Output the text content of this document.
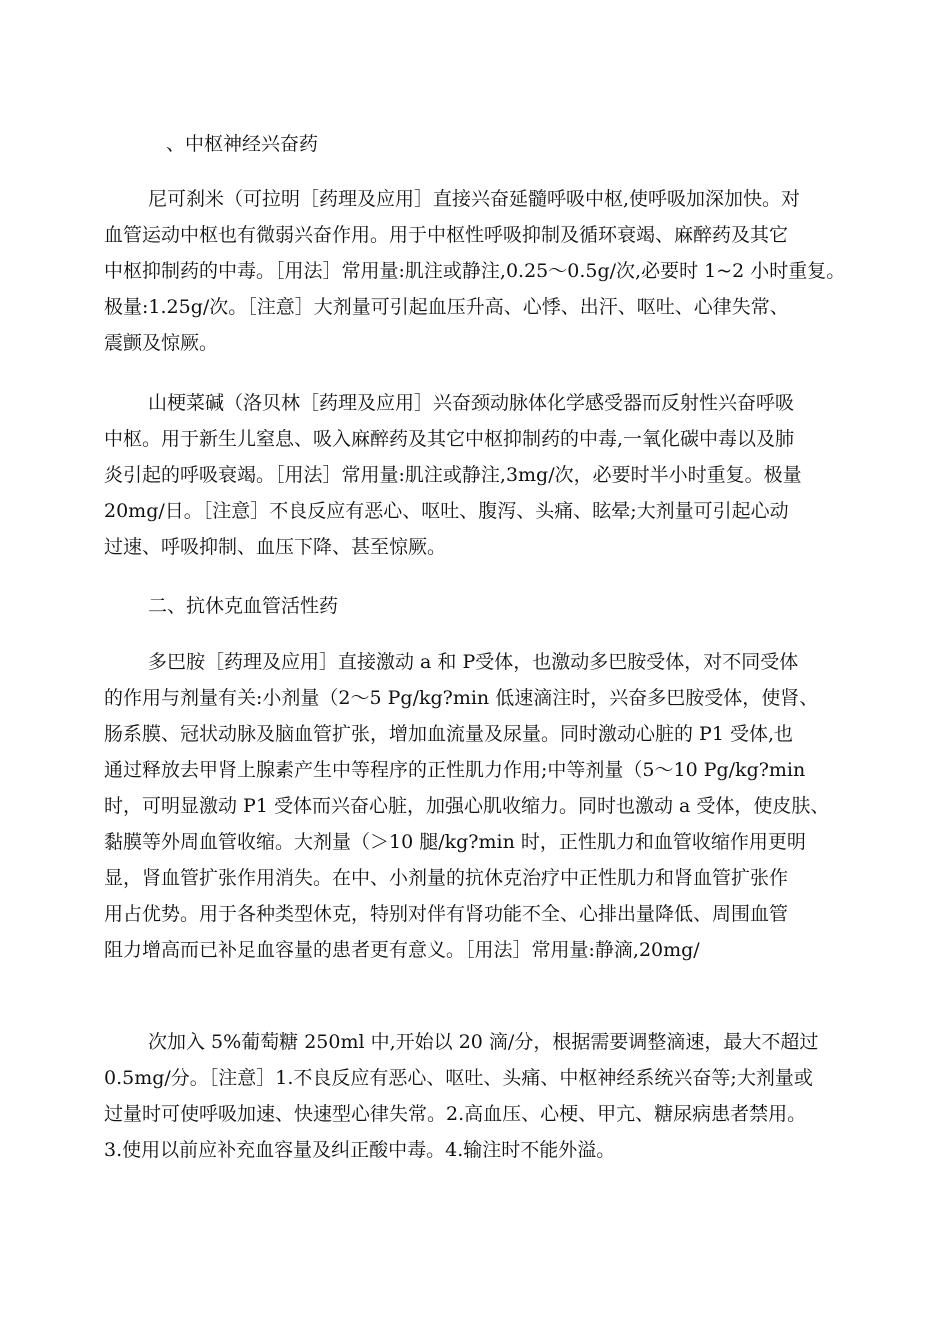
、中枢神经兴奋药
尼可刹米（可拉明［药理及应用］直接兴奋延髓呼吸中枢,使呼吸加深加快。对
血管运动中枢也有微弱兴奋作用。用于中枢性呼吸抑制及循环衰竭、麻醉药及其它
中枢抑制药的中毒。［用法］常用量:肌注或静注,0.25〜0.5g/次,必要时 1~2 小时重复。
极量:1.25g/次。［注意］大剂量可引起血压升高、心悸、出汗、呕吐、心律失常、
震颤及惊厥。
山梗菜碱（洛贝林［药理及应用］兴奋颈动脉体化学感受器而反射性兴奋呼吸
中枢。用于新生儿窒息、吸入麻醉药及其它中枢抑制药的中毒,一氧化碳中毒以及肺
炎引起的呼吸衰竭。［用法］常用量:肌注或静注,3mg/次，必要时半小时重复。极量
20mg/日。［注意］不良反应有恶心、呕吐、腹泻、头痛、眩晕;大剂量可引起心动
过速、呼吸抑制、血压下降、甚至惊厥。
二、抗休克血管活性药
多巴胺［药理及应用］直接激动 a 和 P受体，也激动多巴胺受体，对不同受体
的作用与剂量有关:小剂量（2〜5 Pg/kg?min 低速滴注时，兴奋多巴胺受体，使肾、
肠系膜、冠状动脉及脑血管扩张，增加血流量及尿量。同时激动心脏的 P1 受体,也
通过释放去甲肾上腺素产生中等程序的正性肌力作用;中等剂量（5〜10 Pg/kg?min
时，可明显激动 P1 受体而兴奋心脏，加强心肌收缩力。同时也激动 a 受体，使皮肤、
黏膜等外周血管收缩。大剂量（＞10 腿/kg?min 时，正性肌力和血管收缩作用更明
显，肾血管扩张作用消失。在中、小剂量的抗休克治疗中正性肌力和肾血管扩张作
用占优势。用于各种类型休克，特别对伴有肾功能不全、心排出量降低、周围血管
阻力增高而已补足血容量的患者更有意义。［用法］常用量:静滴,20mg/
次加入 5%葡萄糖 250ml 中,开始以 20 滴/分，根据需要调整滴速，最大不超过
0.5mg/分。［注意］1.不良反应有恶心、呕吐、头痛、中枢神经系统兴奋等;大剂量或
过量时可使呼吸加速、快速型心律失常。2.高血压、心梗、甲亢、糖尿病患者禁用。
3.使用以前应补充血容量及纠正酸中毒。4.输注时不能外溢。
